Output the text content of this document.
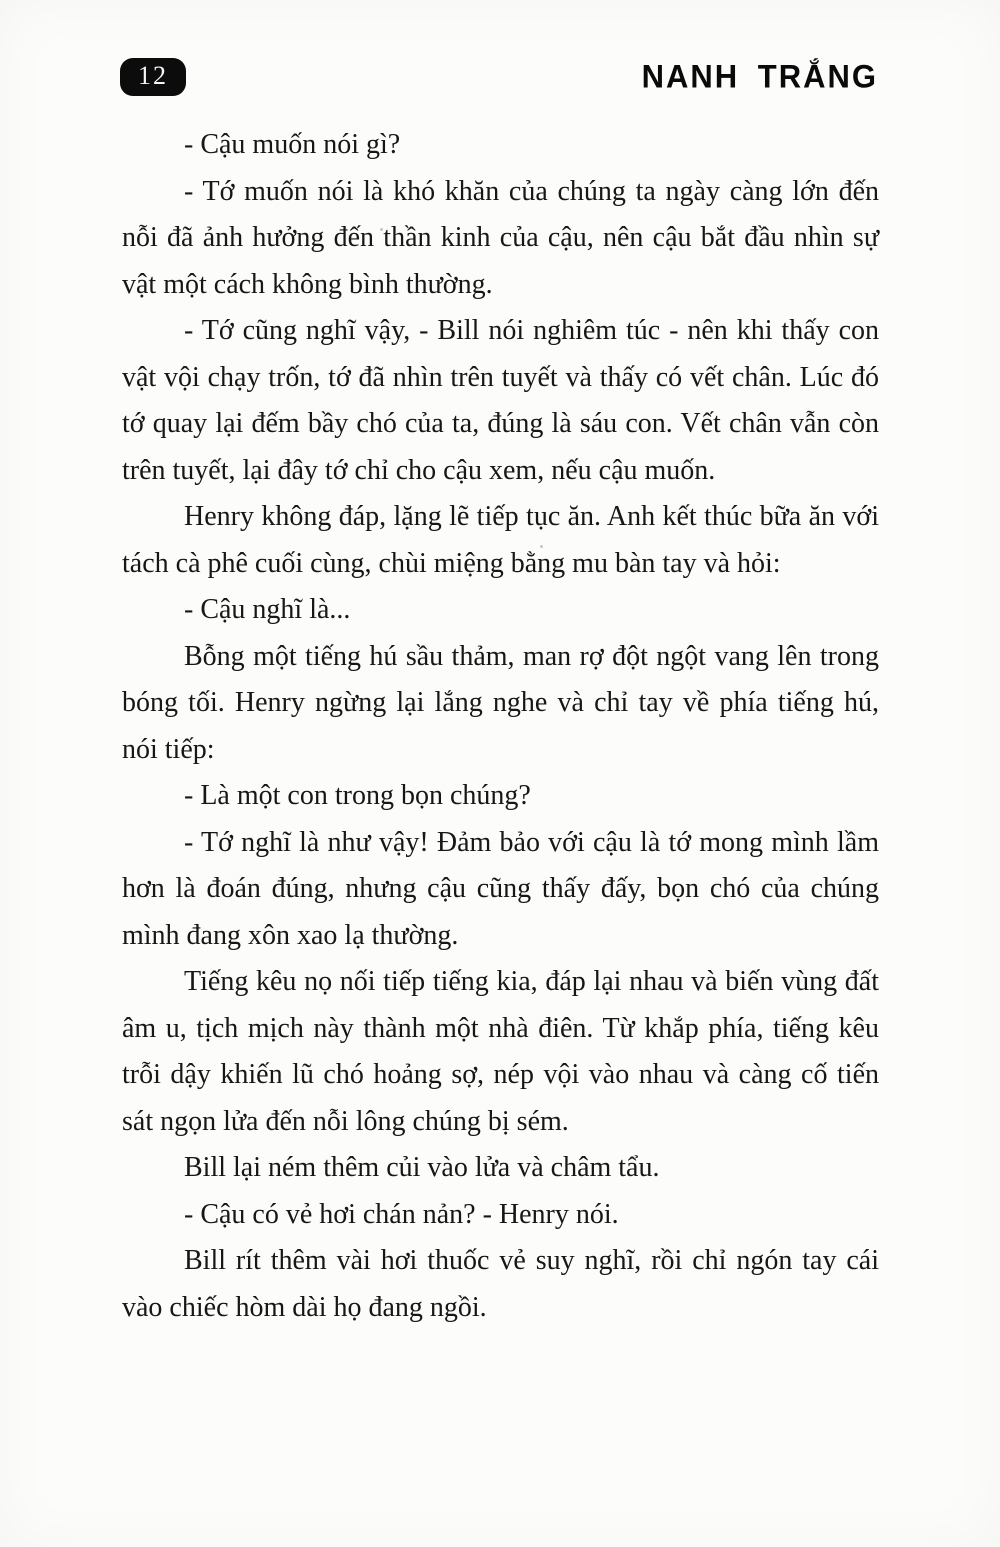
12	NANH TRẮNG

- Cậu muốn nói gì?

- Tớ muốn nói là khó khăn của chúng ta ngày càng lớn đến nỗi đã ảnh hưởng đến thần kinh của cậu, nên cậu bắt đầu nhìn sự vật một cách không bình thường.

- Tớ cũng nghĩ vậy, - Bill nói nghiêm túc - nên khi thấy con vật vội chạy trốn, tớ đã nhìn trên tuyết và thấy có vết chân. Lúc đó tớ quay lại đếm bầy chó của ta, đúng là sáu con. Vết chân vẫn còn trên tuyết, lại đây tớ chỉ cho cậu xem, nếu cậu muốn.

Henry không đáp, lặng lẽ tiếp tục ăn. Anh kết thúc bữa ăn với tách cà phê cuối cùng, chùi miệng bằng mu bàn tay và hỏi:

- Cậu nghĩ là...

Bỗng một tiếng hú sầu thảm, man rợ đột ngột vang lên trong bóng tối. Henry ngừng lại lắng nghe và chỉ tay về phía tiếng hú, nói tiếp:

- Là một con trong bọn chúng?

- Tớ nghĩ là như vậy! Đảm bảo với cậu là tớ mong mình lầm hơn là đoán đúng, nhưng cậu cũng thấy đấy, bọn chó của chúng mình đang xôn xao lạ thường.

Tiếng kêu nọ nối tiếp tiếng kia, đáp lại nhau và biến vùng đất âm u, tịch mịch này thành một nhà điên. Từ khắp phía, tiếng kêu trỗi dậy khiến lũ chó hoảng sợ, nép vội vào nhau và càng cố tiến sát ngọn lửa đến nỗi lông chúng bị sém.

Bill lại ném thêm củi vào lửa và châm tẩu.

- Cậu có vẻ hơi chán nản? - Henry nói.

Bill rít thêm vài hơi thuốc vẻ suy nghĩ, rồi chỉ ngón tay cái vào chiếc hòm dài họ đang ngồi.
